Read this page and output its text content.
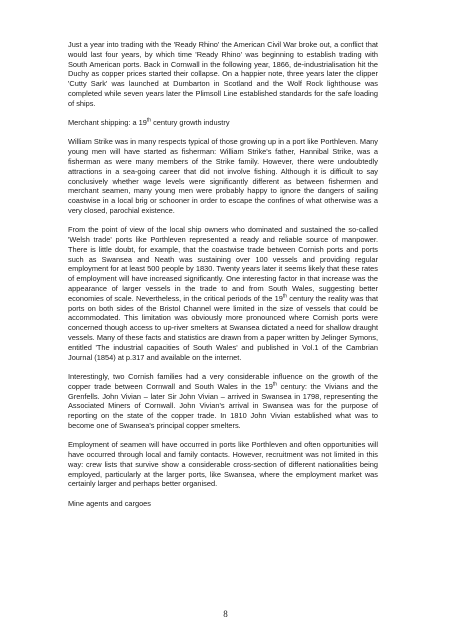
Just a year into trading with the 'Ready Rhino' the American Civil War broke out, a conflict that would last four years, by which time 'Ready Rhino' was beginning to establish trading with South American ports. Back in Cornwall in the following year, 1866, de-industrialisation hit the Duchy as copper prices started their collapse. On a happier note, three years later the clipper 'Cutty Sark' was launched at Dumbarton in Scotland and the Wolf Rock lighthouse was completed while seven years later the Plimsoll Line established standards for the safe loading of ships.

Merchant shipping: a 19th century growth industry

William Strike was in many respects typical of those growing up in a port like Porthleven. Many young men will have started as fisherman: William Strike's father, Hannibal Strike, was a fisherman as were many members of the Strike family. However, there were undoubtedly attractions in a sea-going career that did not involve fishing. Although it is difficult to say conclusively whether wage levels were significantly different as between fishermen and merchant seamen, many young men were probably happy to ignore the dangers of sailing coastwise in a local brig or schooner in order to escape the confines of what otherwise was a very closed, parochial existence.

From the point of view of the local ship owners who dominated and sustained the so-called 'Welsh trade' ports like Porthleven represented a ready and reliable source of manpower. There is little doubt, for example, that the coastwise trade between Cornish ports and ports such as Swansea and Neath was sustaining over 100 vessels and providing regular employment for at least 500 people by 1830. Twenty years later it seems likely that these rates of employment will have increased significantly. One interesting factor in that increase was the appearance of larger vessels in the trade to and from South Wales, suggesting better economies of scale. Nevertheless, in the critical periods of the 19th century the reality was that ports on both sides of the Bristol Channel were limited in the size of vessels that could be accommodated. This limitation was obviously more pronounced where Cornish ports were concerned though access to up-river smelters at Swansea dictated a need for shallow draught vessels. Many of these facts and statistics are drawn from a paper written by Jelinger Symons, entitled 'The industrial capacities of South Wales' and published in Vol.1 of the Cambrian Journal (1854) at p.317 and available on the internet.

Interestingly, two Cornish families had a very considerable influence on the growth of the copper trade between Cornwall and South Wales in the 19th century: the Vivians and the Grenfells. John Vivian – later Sir John Vivian – arrived in Swansea in 1798, representing the Associated Miners of Cornwall. John Vivian's arrival in Swansea was for the purpose of reporting on the state of the copper trade. In 1810 John Vivian established what was to become one of Swansea's principal copper smelters.

Employment of seamen will have occurred in ports like Porthleven and often opportunities will have occurred through local and family contacts. However, recruitment was not limited in this way: crew lists that survive show a considerable cross-section of different nationalities being employed, particularly at the larger ports, like Swansea, where the employment market was certainly larger and perhaps better organised.

Mine agents and cargoes

8
